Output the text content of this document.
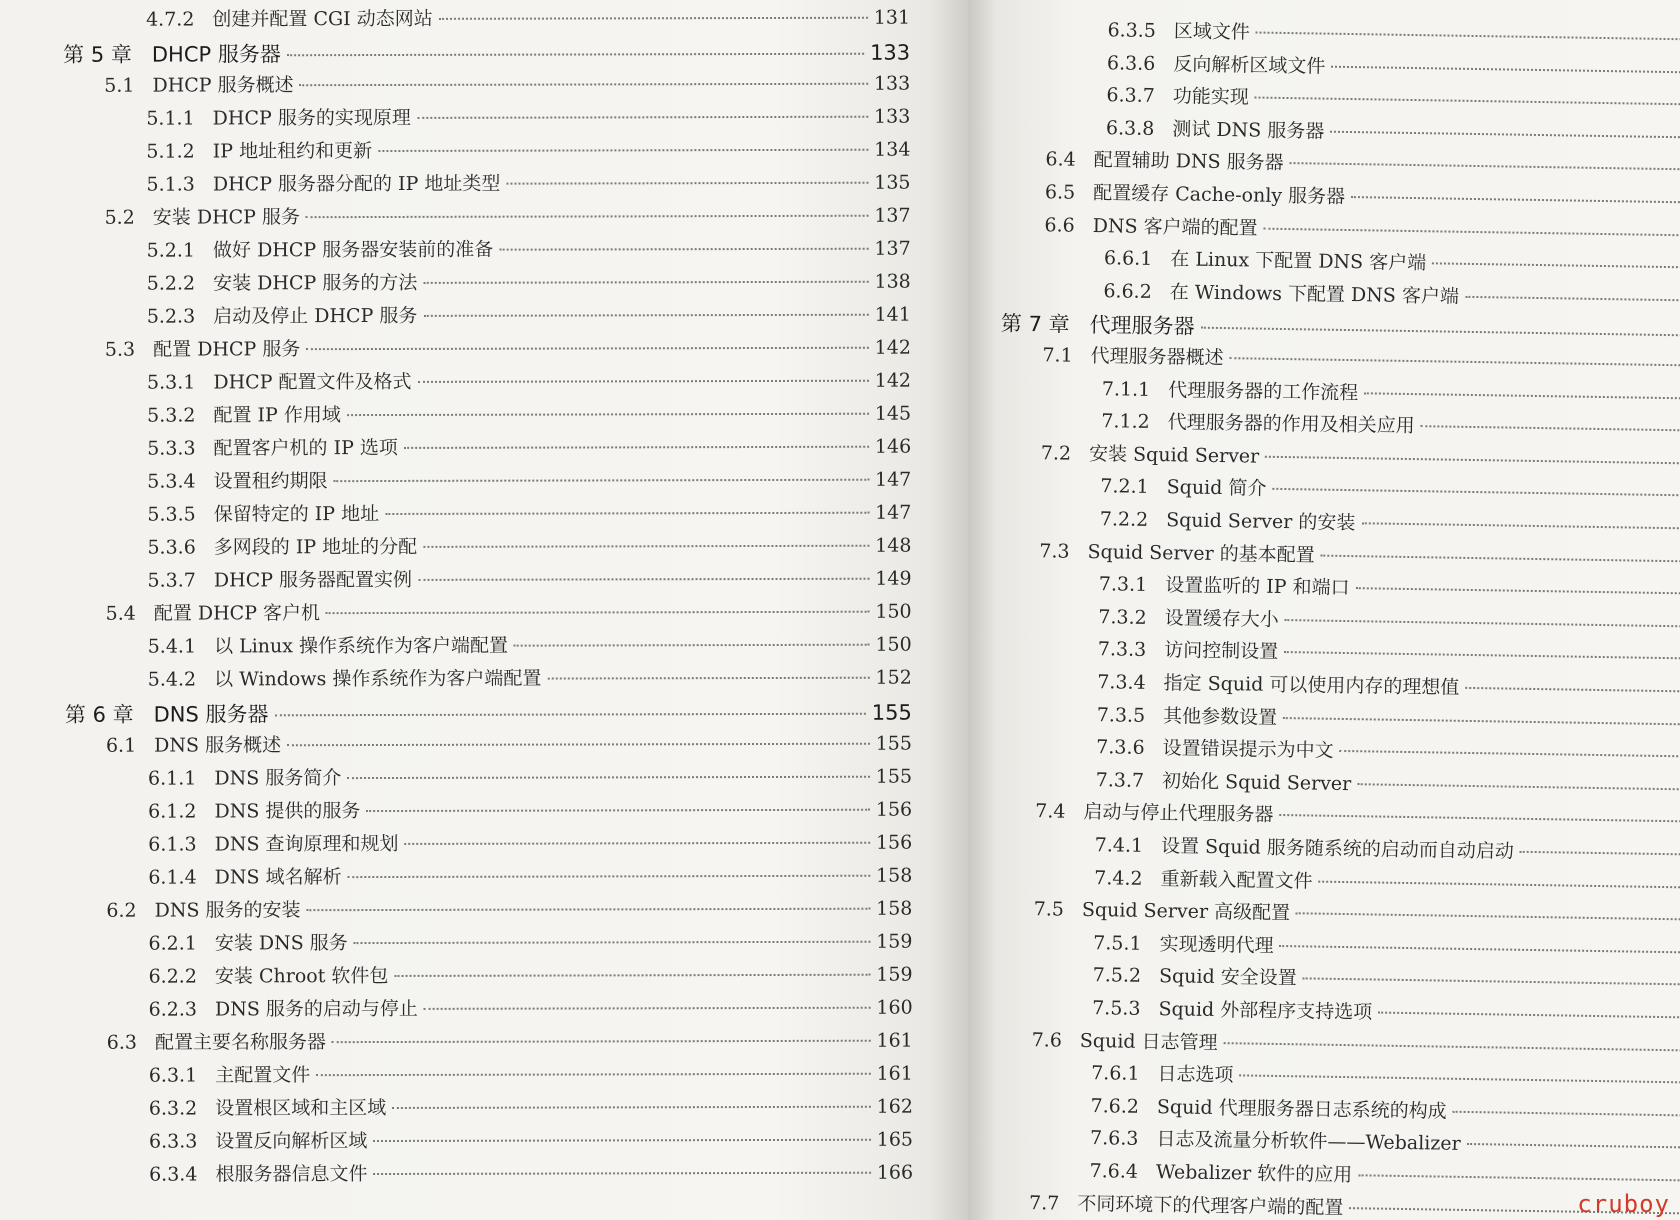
4.7.2 创建并配置 CGI 动态网站	131
第 5 章 DHCP 服务器	133
5.1 DHCP 服务概述	133
5.1.1 DHCP 服务的实现原理	133
5.1.2 IP 地址租约和更新	134
5.1.3 DHCP 服务器分配的 IP 地址类型	135
5.2 安装 DHCP 服务	137
5.2.1 做好 DHCP 服务器安装前的准备	137
5.2.2 安装 DHCP 服务的方法	138
5.2.3 启动及停止 DHCP 服务	141
5.3 配置 DHCP 服务	142
5.3.1 DHCP 配置文件及格式	142
5.3.2 配置 IP 作用域	145
5.3.3 配置客户机的 IP 选项	146
5.3.4 设置租约期限	147
5.3.5 保留特定的 IP 地址	147
5.3.6 多网段的 IP 地址的分配	148
5.3.7 DHCP 服务器配置实例	149
5.4 配置 DHCP 客户机	150
5.4.1 以 Linux 操作系统作为客户端配置	150
5.4.2 以 Windows 操作系统作为客户端配置	152
第 6 章 DNS 服务器	155
6.1 DNS 服务概述	155
6.1.1 DNS 服务简介	155
6.1.2 DNS 提供的服务	156
6.1.3 DNS 查询原理和规划	156
6.1.4 DNS 域名解析	158
6.2 DNS 服务的安装	158
6.2.1 安装 DNS 服务	159
6.2.2 安装 Chroot 软件包	159
6.2.3 DNS 服务的启动与停止	160
6.3 配置主要名称服务器	161
6.3.1 主配置文件	161
6.3.2 设置根区域和主区域	162
6.3.3 设置反向解析区域	165
6.3.4 根服务器信息文件	166
6.3.5 区域文件
6.3.6 反向解析区域文件
6.3.7 功能实现
6.3.8 测试 DNS 服务器
6.4 配置辅助 DNS 服务器
6.5 配置缓存 Cache-only 服务器
6.6 DNS 客户端的配置
6.6.1 在 Linux 下配置 DNS 客户端
6.6.2 在 Windows 下配置 DNS 客户端
第 7 章 代理服务器
7.1 代理服务器概述
7.1.1 代理服务器的工作流程
7.1.2 代理服务器的作用及相关应用
7.2 安装 Squid Server
7.2.1 Squid 简介
7.2.2 Squid Server 的安装
7.3 Squid Server 的基本配置
7.3.1 设置监听的 IP 和端口
7.3.2 设置缓存大小
7.3.3 访问控制设置
7.3.4 指定 Squid 可以使用内存的理想值
7.3.5 其他参数设置
7.3.6 设置错误提示为中文
7.3.7 初始化 Squid Server
7.4 启动与停止代理服务器
7.4.1 设置 Squid 服务随系统的启动而自动启动
7.4.2 重新载入配置文件
7.5 Squid Server 高级配置
7.5.1 实现透明代理
7.5.2 Squid 安全设置
7.5.3 Squid 外部程序支持选项
7.6 Squid 日志管理
7.6.1 日志选项
7.6.2 Squid 代理服务器日志系统的构成
7.6.3 日志及流量分析软件——Webalizer
7.6.4 Webalizer 软件的应用
7.7 不同环境下的代理客户端的配置	cruboy
